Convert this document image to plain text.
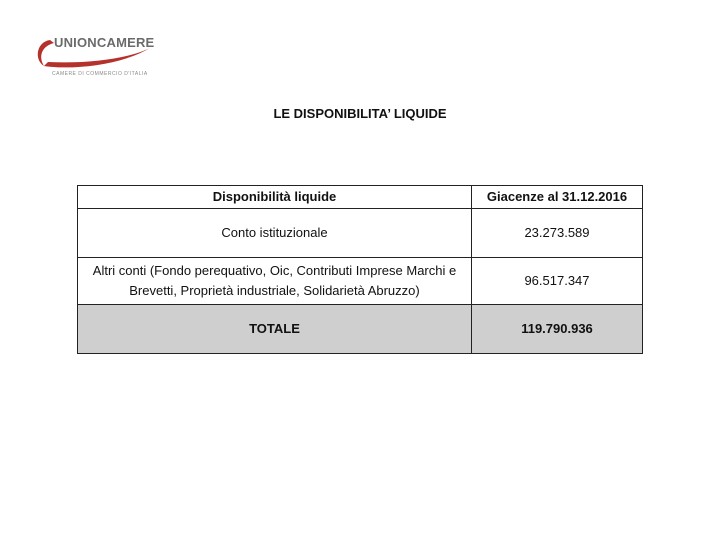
UNIONCAMERE
CAMERE DI COMMERCIO D'ITALIA
LE DISPONIBILITA’ LIQUIDE
Disponibilità liquide	Giacenze al 31.12.2016
Conto istituzionale	23.273.589
Altri conti (Fondo perequativo, Oic, Contributi Imprese Marchi e Brevetti, Proprietà industriale, Solidarietà Abruzzo)	96.517.347
TOTALE	119.790.936
